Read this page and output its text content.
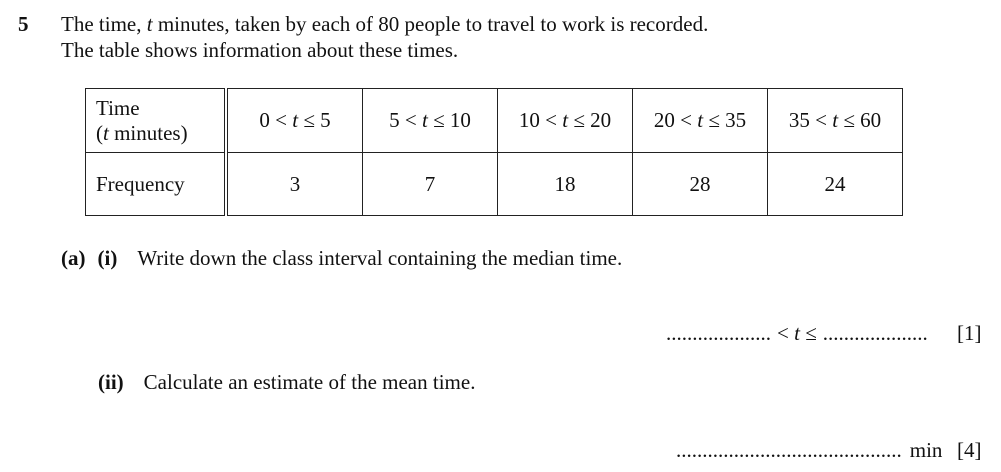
5 The time, t minutes, taken by each of 80 people to travel to work is recorded.
The table shows information about these times.
Time
(t minutes)	0 < t ≤ 5	5 < t ≤ 10	10 < t ≤ 20	20 < t ≤ 35	35 < t ≤ 60
Frequency	3	7	18	28	24
(a) (i) Write down the class interval containing the median time.
.................... < t ≤ .................... [1]
(ii) Calculate an estimate of the mean time.
........................................... min [4]
